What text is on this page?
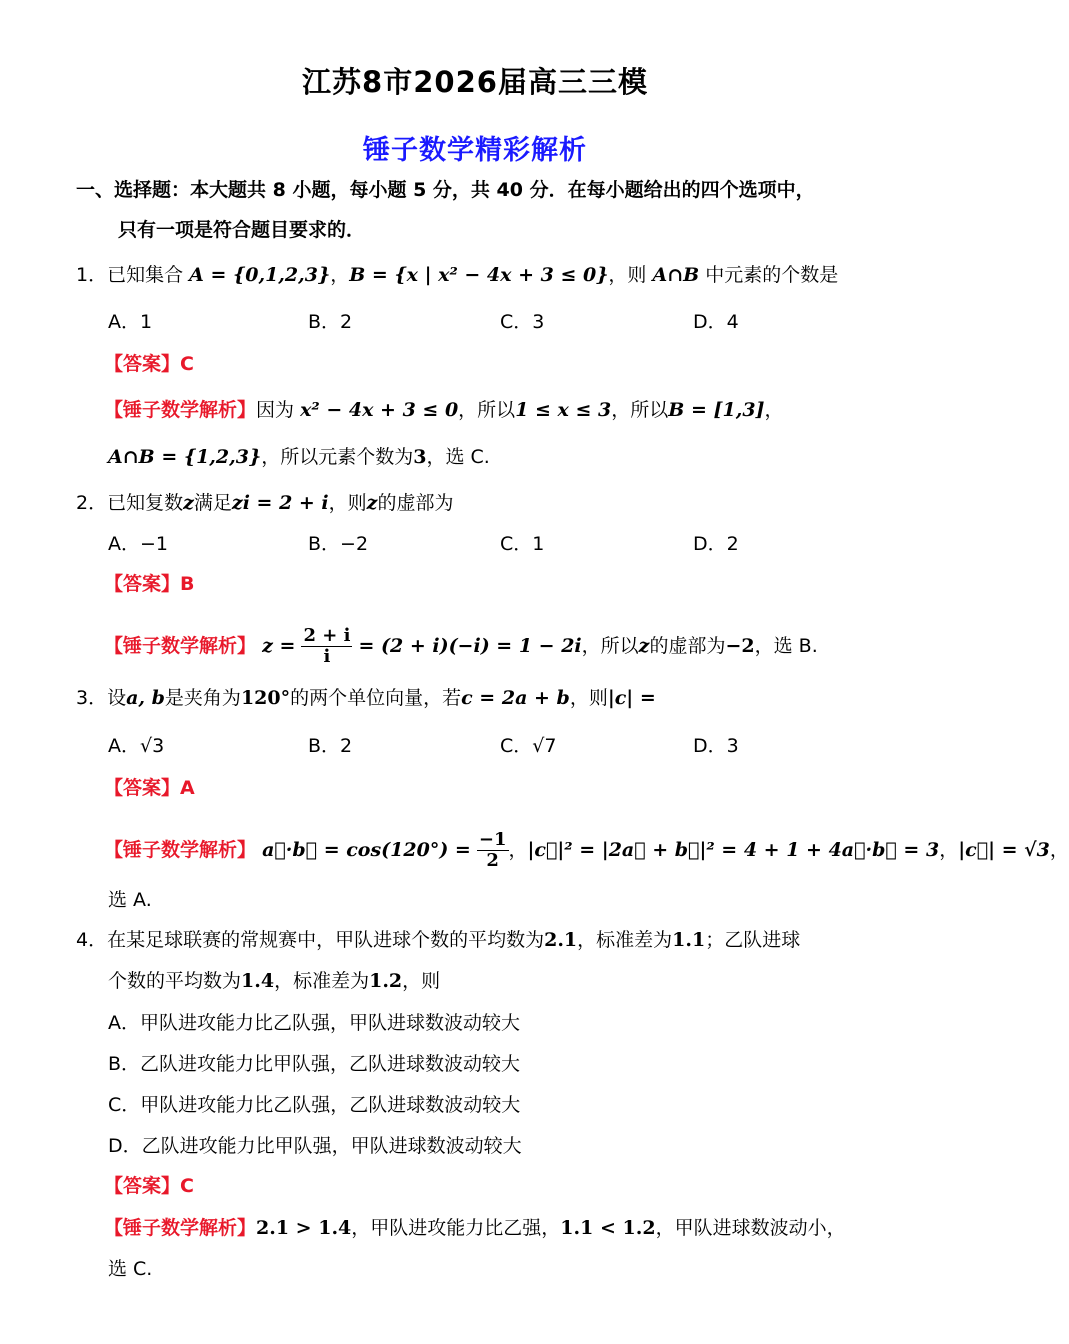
江苏8市2026届高三三模
锤子数学精彩解析
一、选择题：本大题共 8 小题，每小题 5 分，共 40 分．在每小题给出的四个选项中，
只有一项是符合题目要求的．
1．已知集合 A = {0,1,2,3}，B = {x | x² − 4x + 3 ≤ 0}，则 A∩B 中元素的个数是
A．1	B．2	C．3	D．4
【答案】C
【锤子数学解析】因为 x² − 4x + 3 ≤ 0，所以1 ≤ x ≤ 3，所以B = [1,3]，
A∩B = {1,2,3}，所以元素个数为3，选 C.
2．已知复数z满足zi = 2 + i，则z的虚部为
A．−1	B．−2	C．1	D．2
【答案】B
【锤子数学解析】 $z = \frac{2 + i}{i} = (2 + i)(-i) = 1 - 2i$，所以z的虚部为−2，选 B.
3．设a, b是夹角为120°的两个单位向量，若c = 2a + b，则|c| =
A．√3	B．2	C．√7	D．3
【答案】A
【锤子数学解析】 a⃗·b⃗ = $\cos(120^\circ) = \frac{-1}{2}$ ，|c⃗|² = |2a⃗ + b⃗|² = 4 + 1 + 4a⃗·b⃗ = 3，|c⃗| = √3，
选 A.
4．在某足球联赛的常规赛中，甲队进球个数的平均数为2.1，标准差为1.1；乙队进球
个数的平均数为1.4，标准差为1.2，则
A．甲队进攻能力比乙队强，甲队进球数波动较大
B．乙队进攻能力比甲队强，乙队进球数波动较大
C．甲队进攻能力比乙队强，乙队进球数波动较大
D．乙队进攻能力比甲队强，甲队进球数波动较大
【答案】C
【锤子数学解析】2.1 > 1.4，甲队进攻能力比乙强，1.1 < 1.2，甲队进球数波动小，
选 C.
